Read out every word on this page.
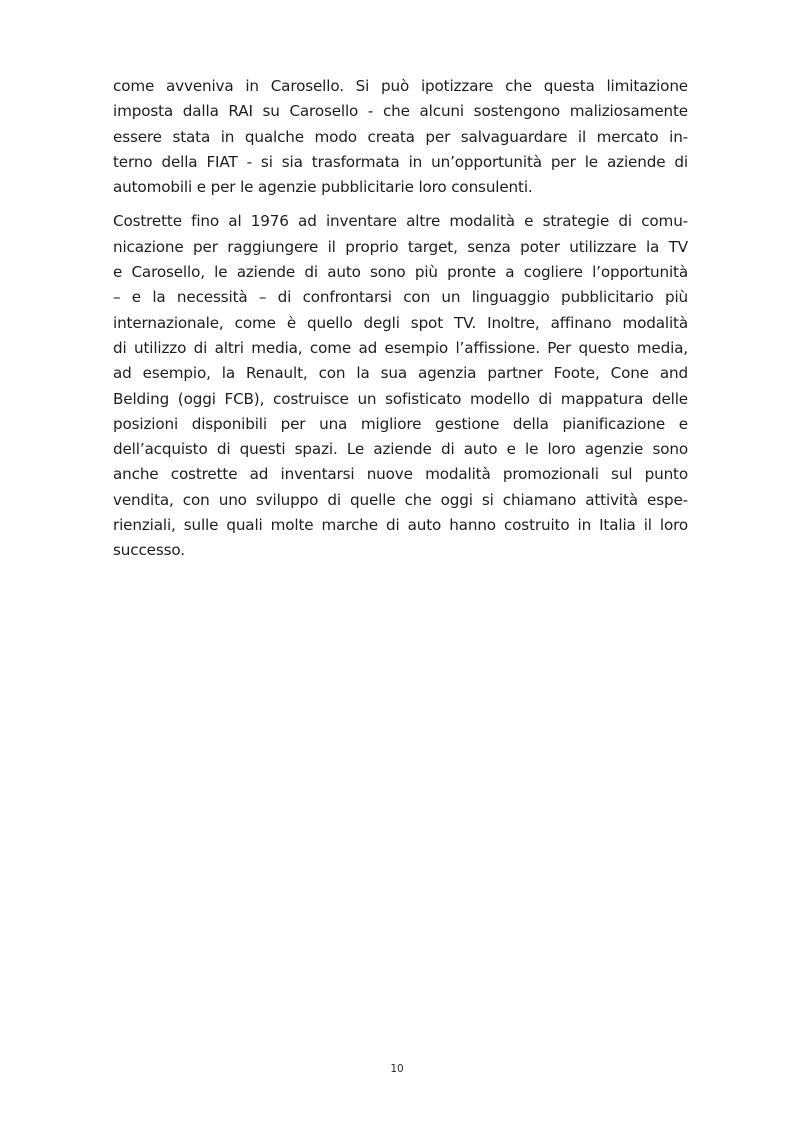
come avveniva in Carosello. Si può ipotizzare che questa limitazione
imposta dalla RAI su Carosello - che alcuni sostengono maliziosamente
essere stata in qualche modo creata per salvaguardare il mercato in-
terno della FIAT - si sia trasformata in un’opportunità per le aziende di
automobili e per le agenzie pubblicitarie loro consulenti.

Costrette fino al 1976 ad inventare altre modalità e strategie di comu-
nicazione per raggiungere il proprio target, senza poter utilizzare la TV
e Carosello, le aziende di auto sono più pronte a cogliere l’opportunità
– e la necessità – di confrontarsi con un linguaggio pubblicitario più
internazionale, come è quello degli spot TV. Inoltre, affinano modalità
di utilizzo di altri media, come ad esempio l’affissione. Per questo media,
ad esempio, la Renault, con la sua agenzia partner Foote, Cone and
Belding (oggi FCB), costruisce un sofisticato modello di mappatura delle
posizioni disponibili per una migliore gestione della pianificazione e
dell’acquisto di questi spazi. Le aziende di auto e le loro agenzie sono
anche costrette ad inventarsi nuove modalità promozionali sul punto
vendita, con uno sviluppo di quelle che oggi si chiamano attività espe-
rienziali, sulle quali molte marche di auto hanno costruito in Italia il loro
successo.

10
